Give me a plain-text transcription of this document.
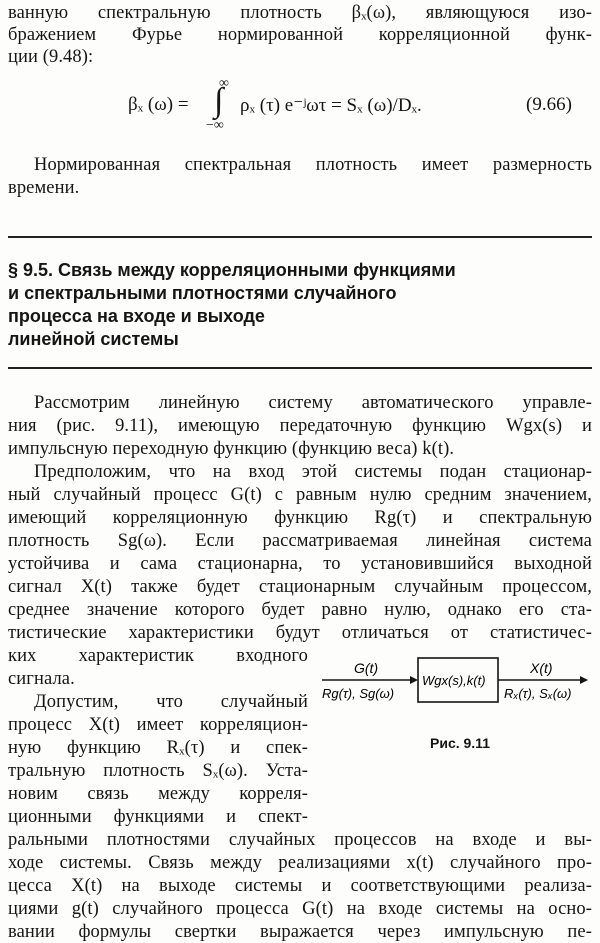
ванную спектральную плотность βₓ(ω), являющуюся изо-
бражением Фурье нормированной корреляционной функ-
ции (9.48):
βₓ (ω) =
∞
∫
−∞
ρₓ (τ) e⁻ʲωτ = Sₓ (ω)/Dₓ.	(9.66)
Нормированная спектральная плотность имеет размерность
времени.
§ 9.5. Связь между корреляционными функциями
и спектральными плотностями случайного
процесса на входе и выходе
линейной системы
Рассмотрим линейную систему автоматического управле-
ния (рис. 9.11), имеющую передаточную функцию Wgx(s) и
импульсную переходную функцию (функцию веса) k(t).
Предположим, что на вход этой системы подан стационар-
ный случайный процесс G(t) с равным нулю средним значением,
имеющий корреляционную функцию Rg(τ) и спектральную
плотность Sg(ω). Если рассматриваемая линейная система
устойчива и сама стационарна, то установившийся выходной
сигнал X(t) также будет стационарным случайным процессом,
среднее значение которого будет равно нулю, однако его ста-
тистические характеристики будут отличаться от статистичес-
ких характеристик входного
сигнала.
Допустим, что случайный
процесс X(t) имеет корреляцион-
ную функцию Rₓ(τ) и спек-
тральную плотность Sₓ(ω). Уста-
новим связь между корреля-
ционными функциями и спект-
ральными плотностями случайных процессов на входе и вы-
ходе системы. Связь между реализациями x(t) случайного про-
цесса X(t) на выходе системы и соответствующими реализа-
циями g(t) случайного процесса G(t) на входе системы на осно-
вании формулы свертки выражается через импульсную пе-
G(t)
Rg(τ), Sg(ω)
Wgx(s),k(t)
X(t)
Rₓ(τ), Sₓ(ω)
Рис. 9.11
